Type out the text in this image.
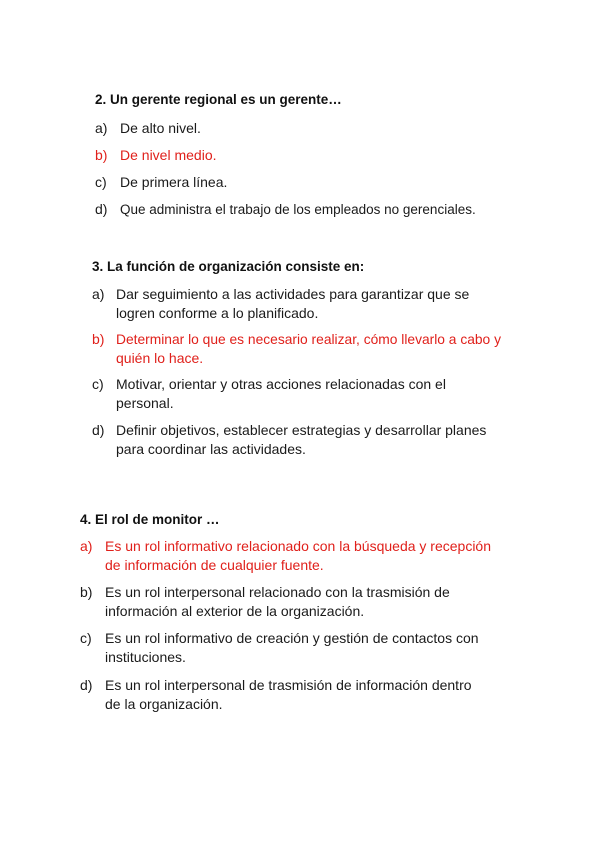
2. Un gerente regional es un gerente…
a) De alto nivel.
b) De nivel medio.
c) De primera línea.
d) Que administra el trabajo de los empleados no gerenciales.
3. La función de organización consiste en:
a) Dar seguimiento a las actividades para garantizar que se
logren conforme a lo planificado.
b) Determinar lo que es necesario realizar, cómo llevarlo a cabo y
quién lo hace.
c) Motivar, orientar y otras acciones relacionadas con el
personal.
d) Definir objetivos, establecer estrategias y desarrollar planes
para coordinar las actividades.
4. El rol de monitor …
a) Es un rol informativo relacionado con la búsqueda y recepción
de información de cualquier fuente.
b) Es un rol interpersonal relacionado con la trasmisión de
información al exterior de la organización.
c) Es un rol informativo de creación y gestión de contactos con
instituciones.
d) Es un rol interpersonal de trasmisión de información dentro
de la organización.
